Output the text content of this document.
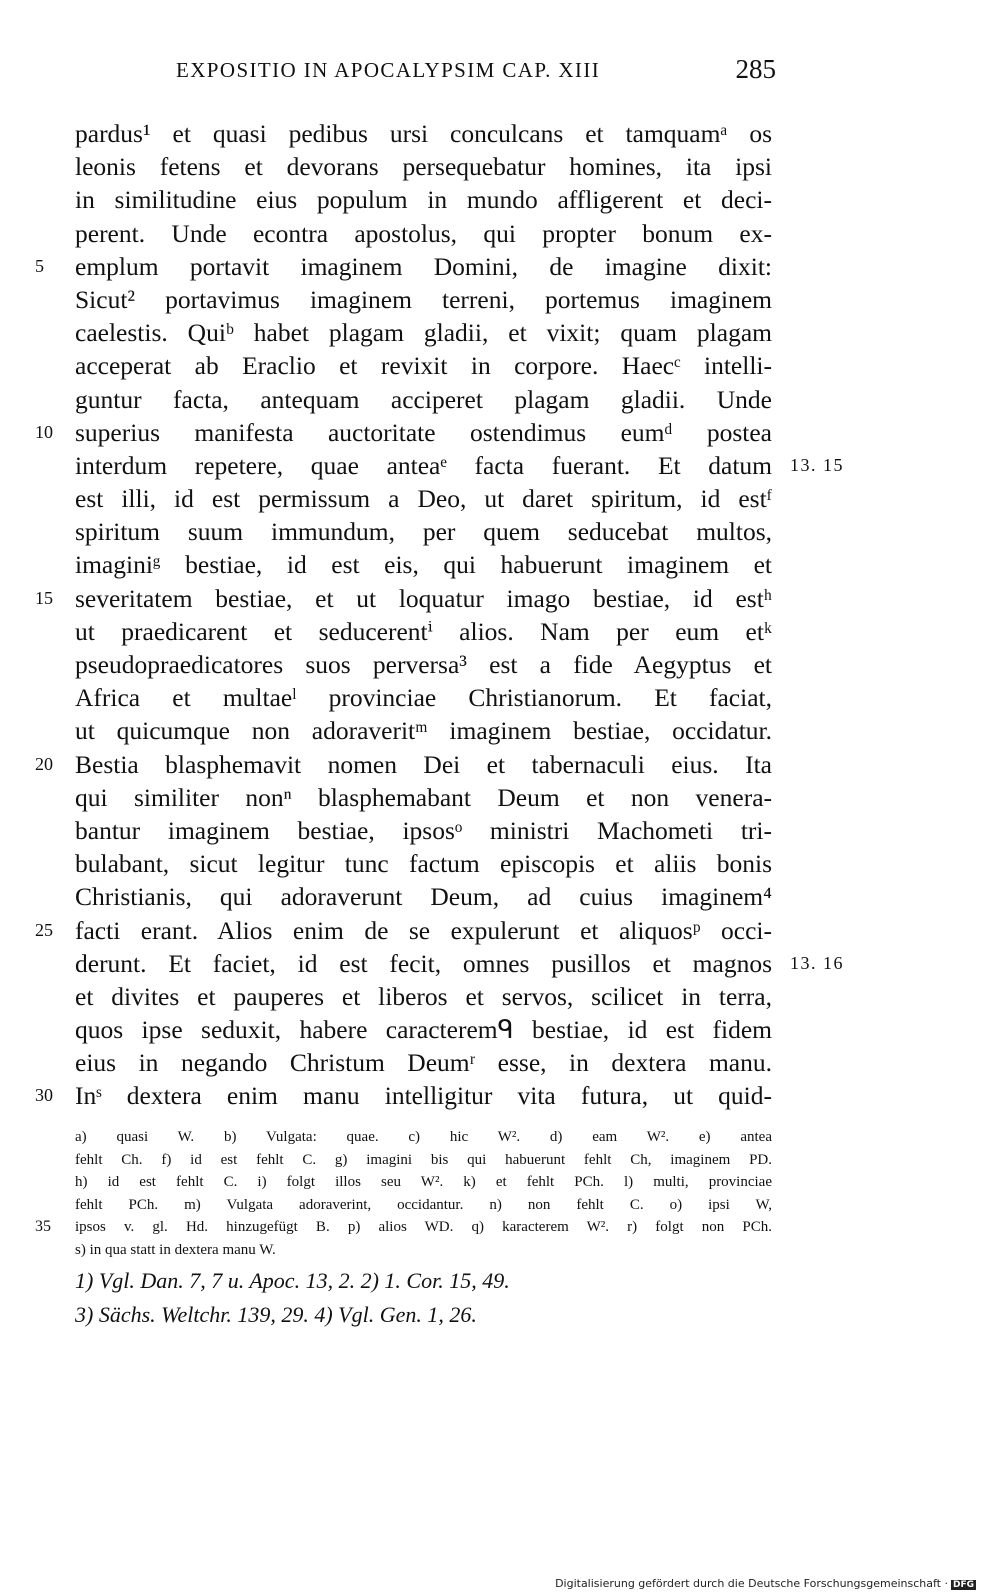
EXPOSITIO IN APOCALYPSIM CAP. XIII	285
pardus¹ et quasi pedibus ursi conculcans et tamquamᵃ os
leonis fetens et devorans persequebatur homines, ita ipsi
in similitudine eius populum in mundo affligerent et deci-
perent. Unde econtra apostolus, qui propter bonum ex-
5	emplum portavit imaginem Domini, de imagine dixit:
Sicut² portavimus imaginem terreni, portemus imaginem
caelestis. Quiᵇ habet plagam gladii, et vixit; quam plagam
acceperat ab Eraclio et revixit in corpore. Haecᶜ intelli-
guntur facta, antequam acciperet plagam gladii. Unde
10 superius manifesta auctoritate ostendimus eumᵈ postea
interdum repetere, quae anteaᵉ facta fuerant. Et datum 13. 15
est illi, id est permissum a Deo, ut daret spiritum, id estᶠ
spiritum suum immundum, per quem seducebat multos,
imaginiᵍ bestiae, id est eis, qui habuerunt imaginem et
15 severitatem bestiae, et ut loquatur imago bestiae, id estʰ
ut praedicarent et seducerentⁱ alios. Nam per eum etᵏ
pseudopraedicatores suos perversa³ est a fide Aegyptus et
Africa et multaeˡ provinciae Christianorum. Et faciat,
ut quicumque non adoraveritᵐ imaginem bestiae, occidatur.
20 Bestia blasphemavit nomen Dei et tabernaculi eius. Ita
qui similiter nonⁿ blasphemabant Deum et non venera-
bantur imaginem bestiae, ipsosᵒ ministri Machometi tri-
bulabant, sicut legitur tunc factum episcopis et aliis bonis
Christianis, qui adoraverunt Deum, ad cuius imaginem⁴
25 facti erant. Alios enim de se expulerunt et aliquosᵖ occi-
derunt. Et faciet, id est fecit, omnes pusillos et magnos 13. 16
et divites et pauperes et liberos et servos, scilicet in terra,
quos ipse seduxit, habere caracteremᑫ bestiae, id est fidem
eius in negando Christum Deumʳ esse, in dextera manu.
30 Inˢ dextera enim manu intelligitur vita futura, ut quid-
a) quasi W. b) Vulgata: quae. c) hic W². d) eam W². e) antea
fehlt Ch. f) id est fehlt C. g) imagini bis qui habuerunt fehlt Ch, imaginem PD.
h) id est fehlt C. i) folgt illos seu W². k) et fehlt PCh. l) multi, provinciae
fehlt PCh. m) Vulgata adoraverint, occidantur. n) non fehlt C. o) ipsi W,
35	ipsos v. gl. Hd. hinzugefügt B. p) alios WD. q) karacterem W². r) folgt non PCh.
s) in qua statt in dextera manu W.
1) Vgl. Dan. 7, 7 u. Apoc. 13, 2. 2) 1. Cor. 15, 49.
3) Sächs. Weltchr. 139, 29. 4) Vgl. Gen. 1, 26.
Digitalisierung gefördert durch die Deutsche Forschungsgemeinschaft · DFG
